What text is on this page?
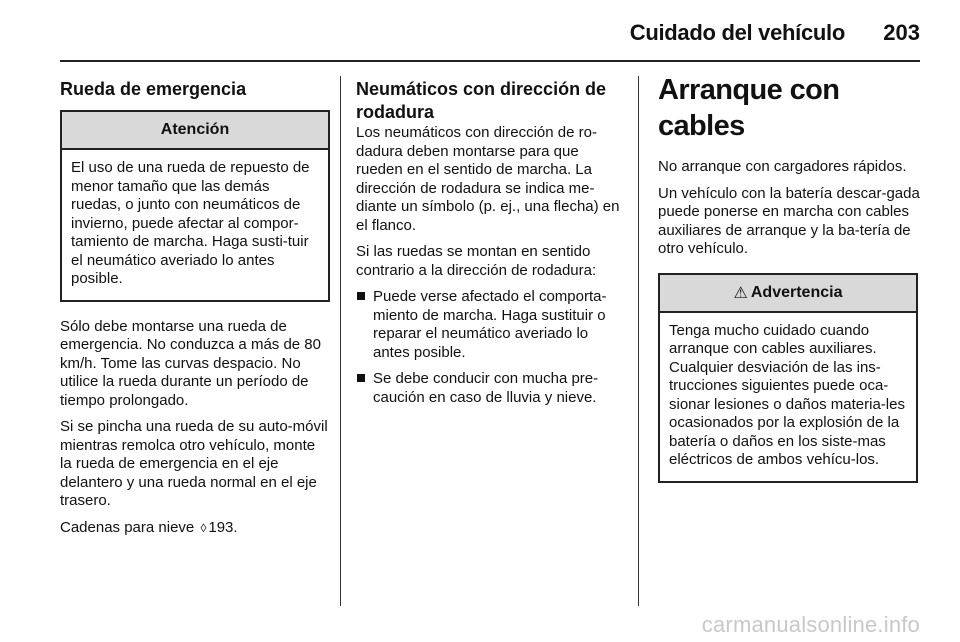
Cuidado del vehículo	203
Rueda de emergencia
Atención

El uso de una rueda de repuesto de menor tamaño que las demás ruedas, o junto con neumáticos de invierno, puede afectar al compor-tamiento de marcha. Haga susti-tuir el neumático averiado lo antes posible.

Sólo debe montarse una rueda de emergencia. No conduzca a más de 80 km/h. Tome las curvas despacio. No utilice la rueda durante un período de tiempo prolongado.

Si se pincha una rueda de su auto-móvil mientras remolca otro vehículo, monte la rueda de emergencia en el eje delantero y una rueda normal en el eje trasero.

Cadenas para nieve ◊ 193.

Neumáticos con dirección de rodadura

Los neumáticos con dirección de ro-dadura deben montarse para que rueden en el sentido de marcha. La dirección de rodadura se indica me-diante un símbolo (p. ej., una flecha) en el flanco.

Si las ruedas se montan en sentido contrario a la dirección de rodadura:

Puede verse afectado el comporta-miento de marcha. Haga sustituir o reparar el neumático averiado lo antes posible.
Se debe conducir con mucha pre-caución en caso de lluvia y nieve.
Arranque con cables

No arranque con cargadores rápidos.

Un vehículo con la batería descar-gada puede ponerse en marcha con cables auxiliares de arranque y la ba-tería de otro vehículo.

⚠ Advertencia

Tenga mucho cuidado cuando arranque con cables auxiliares. Cualquier desviación de las ins-trucciones siguientes puede oca-sionar lesiones o daños materia-les ocasionados por la explosión de la batería o daños en los siste-mas eléctricos de ambos vehícu-los.

carmanualsonline.info
